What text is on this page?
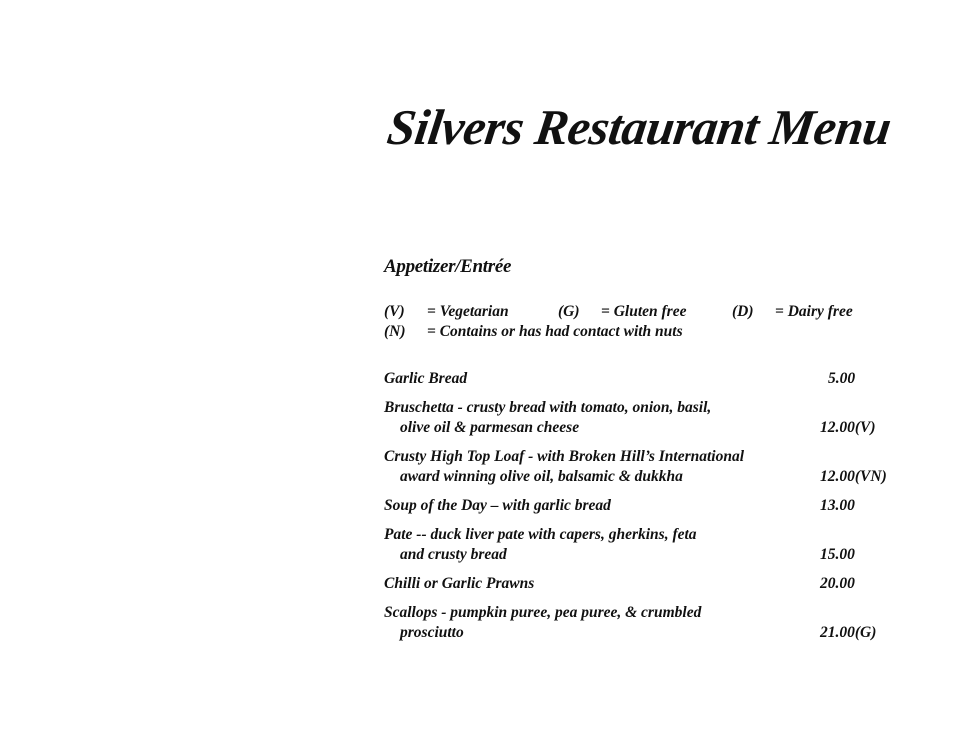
Silvers Restaurant Menu
Appetizer/Entrée
(V) = Vegetarian	(G) = Gluten free	(D) = Dairy free
(N) = Contains or has had contact with nuts
Garlic Bread	5.00
Bruschetta - crusty bread with tomato, onion, basil,
olive oil & parmesan cheese	12.00(V)
Crusty High Top Loaf - with Broken Hill’s International
award winning olive oil, balsamic & dukkha	12.00(VN)
Soup of the Day – with garlic bread	13.00
Pate -- duck liver pate with capers, gherkins, feta
and crusty bread	15.00
Chilli or Garlic Prawns	20.00
Scallops - pumpkin puree, pea puree, & crumbled
prosciutto	21.00(G)
